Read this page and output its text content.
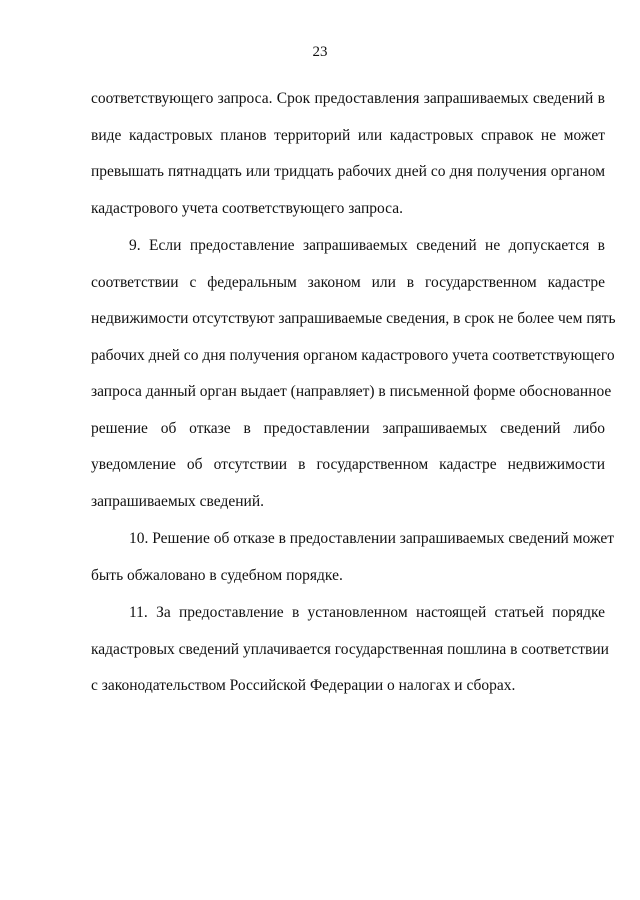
23
соответствующего запроса. Срок предоставления запрашиваемых сведений в
виде кадастровых планов территорий или кадастровых справок не может
превышать пятнадцать или тридцать рабочих дней со дня получения органом
кадастрового учета соответствующего запроса.
9. Если предоставление запрашиваемых сведений не допускается в
соответствии с федеральным законом или в государственном кадастре
недвижимости отсутствуют запрашиваемые сведения, в срок не более чем пять
рабочих дней со дня получения органом кадастрового учета соответствующего
запроса данный орган выдает (направляет) в письменной форме обоснованное
решение об отказе в предоставлении запрашиваемых сведений либо
уведомление об отсутствии в государственном кадастре недвижимости
запрашиваемых сведений.
10. Решение об отказе в предоставлении запрашиваемых сведений может
быть обжаловано в судебном порядке.
11. За предоставление в установленном настоящей статьей порядке
кадастровых сведений уплачивается государственная пошлина в соответствии
с законодательством Российской Федерации о налогах и сборах.
